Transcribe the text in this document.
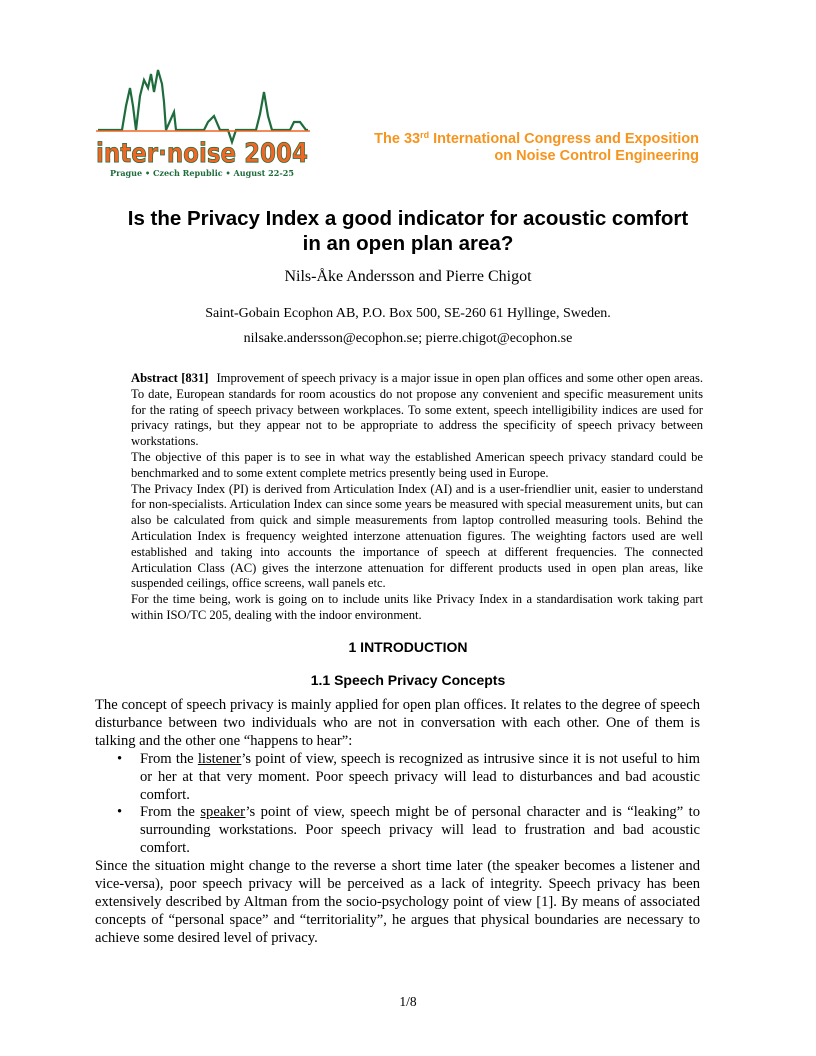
inter·noise 2004
Prague • Czech Republic • August 22-25
The 33rd International Congress and Exposition
on Noise Control Engineering
Is the Privacy Index a good indicator for acoustic comfort
in an open plan area?
Nils-Åke Andersson and Pierre Chigot
Saint-Gobain Ecophon AB, P.O. Box 500, SE-260 61 Hyllinge, Sweden.
nilsake.andersson@ecophon.se; pierre.chigot@ecophon.se

Abstract [831] Improvement of speech privacy is a major issue in open plan offices and some other open areas. To date, European standards for room acoustics do not propose any convenient and specific measurement units for the rating of speech privacy between workplaces. To some extent, speech intelligibility indices are used for privacy ratings, but they appear not to be appropriate to address the specificity of speech privacy between workstations.

The objective of this paper is to see in what way the established American speech privacy standard could be benchmarked and to some extent complete metrics presently being used in Europe.

The Privacy Index (PI) is derived from Articulation Index (AI) and is a user-friendlier unit, easier to understand for non-specialists. Articulation Index can since some years be measured with special measurement units, but can also be calculated from quick and simple measurements from laptop controlled measuring tools. Behind the Articulation Index is frequency weighted interzone attenuation figures. The weighting factors used are well established and taking into accounts the importance of speech at different frequencies. The connected Articulation Class (AC) gives the interzone attenuation for different products used in open plan areas, like suspended ceilings, office screens, wall panels etc.

For the time being, work is going on to include units like Privacy Index in a standardisation work taking part within ISO/TC 205, dealing with the indoor environment.

1 INTRODUCTION
1.1 Speech Privacy Concepts

The concept of speech privacy is mainly applied for open plan offices. It relates to the degree of speech disturbance between two individuals who are not in conversation with each other. One of them is talking and the other one “happens to hear”:

• From the listener’s point of view, speech is recognized as intrusive since it is not useful to him or her at that very moment. Poor speech privacy will lead to disturbances and bad acoustic comfort.
• From the speaker’s point of view, speech might be of personal character and is “leaking” to surrounding workstations. Poor speech privacy will lead to frustration and bad acoustic comfort.

Since the situation might change to the reverse a short time later (the speaker becomes a listener and vice-versa), poor speech privacy will be perceived as a lack of integrity. Speech privacy has been extensively described by Altman from the socio-psychology point of view [1]. By means of associated concepts of “personal space” and “territoriality”, he argues that physical boundaries are necessary to achieve some desired level of privacy.

1/8
